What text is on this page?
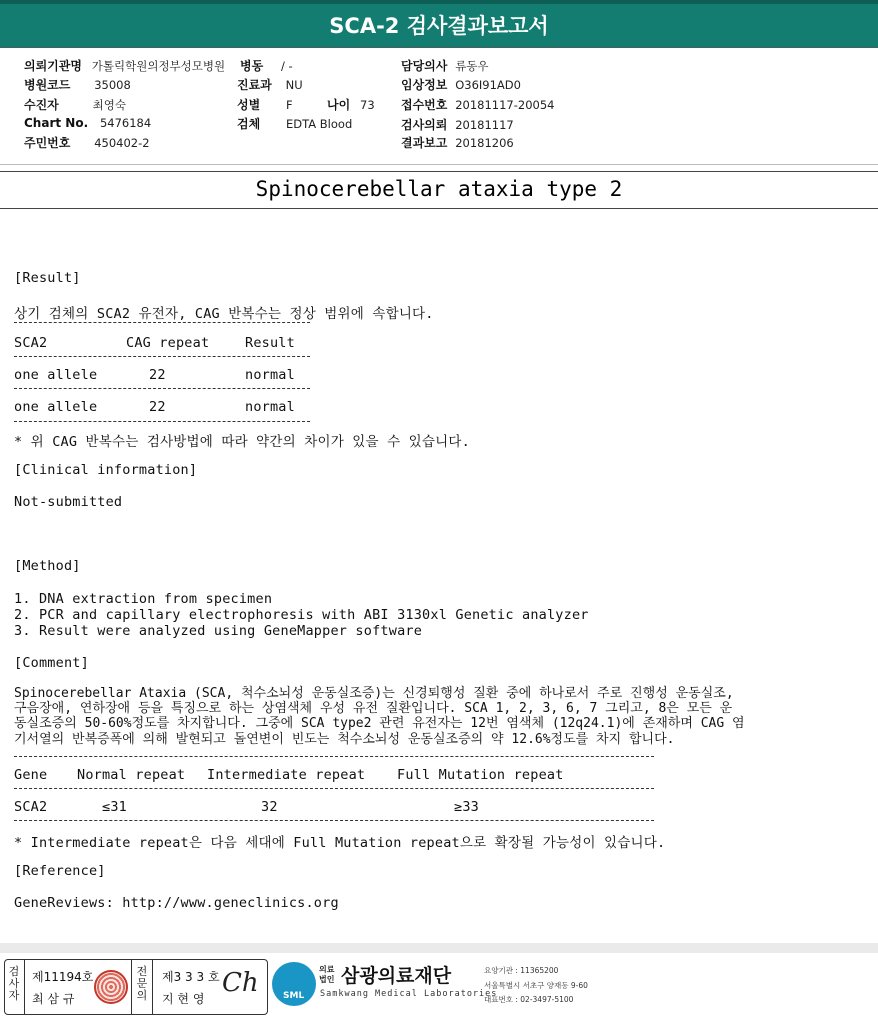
SCA-2 검사결과보고서
의뢰기관명 가톨릭학원의정부성모병원 병동 / -	담당의사 류동우
병원코드 35008	진료과 NU	임상정보 O36I91AD0
수진자	최영숙	성별 F	나이 73 접수번호 20181117-20054
Chart No. 5476184	검체 EDTA Blood	검사의뢰 20181117
주민번호 450402-2	결과보고 20181206
Spinocerebellar ataxia type 2
[Result]
상기 검체의 SCA2 유전자, CAG 반복수는 정상 범위에 속합니다.
SCA2	CAG repeat	Result
one allele	22	normal
one allele	22	normal
* 위 CAG 반복수는 검사방법에 따라 약간의 차이가 있을 수 있습니다.
[Clinical information]
Not-submitted
[Method]
1. DNA extraction from specimen
2. PCR and capillary electrophoresis with ABI 3130xl Genetic analyzer
3. Result were analyzed using GeneMapper software
[Comment]
Spinocerebellar Ataxia (SCA, 척수소뇌성 운동실조증)는 신경퇴행성 질환 중에 하나로서 주로 진행성 운동실조,
구음장애, 연하장애 등을 특징으로 하는 상염색체 우성 유전 질환입니다. SCA 1, 2, 3, 6, 7 그리고, 8은 모든 운
동실조증의 50-60%정도를 차지합니다. 그중에 SCA type2 관련 유전자는 12번 염색체 (12q24.1)에 존재하며 CAG 염
기서열의 반복증폭에 의해 발현되고 돌연변이 빈도는 척수소뇌성 운동실조증의 약 12.6%정도를 차지 합니다.
Gene Normal repeat Intermediate repeat Full Mutation repeat
SCA2	≤31	32	≥33
* Intermediate repeat은 다음 세대에 Full Mutation repeat으로 확장될 가능성이 있습니다.
[Reference]
GeneReviews: http://www.geneclinics.org
검사자
제11194호
최 삼 규
전문의
제3 3 3 호
지 현 영
Ch	SML
의료 법인 삼광의료재단
Samkwang Medical Laboratories
요양기관 : 11365200
서울특별시 서초구 양재동 9-60
대표번호 : 02-3497-5100
